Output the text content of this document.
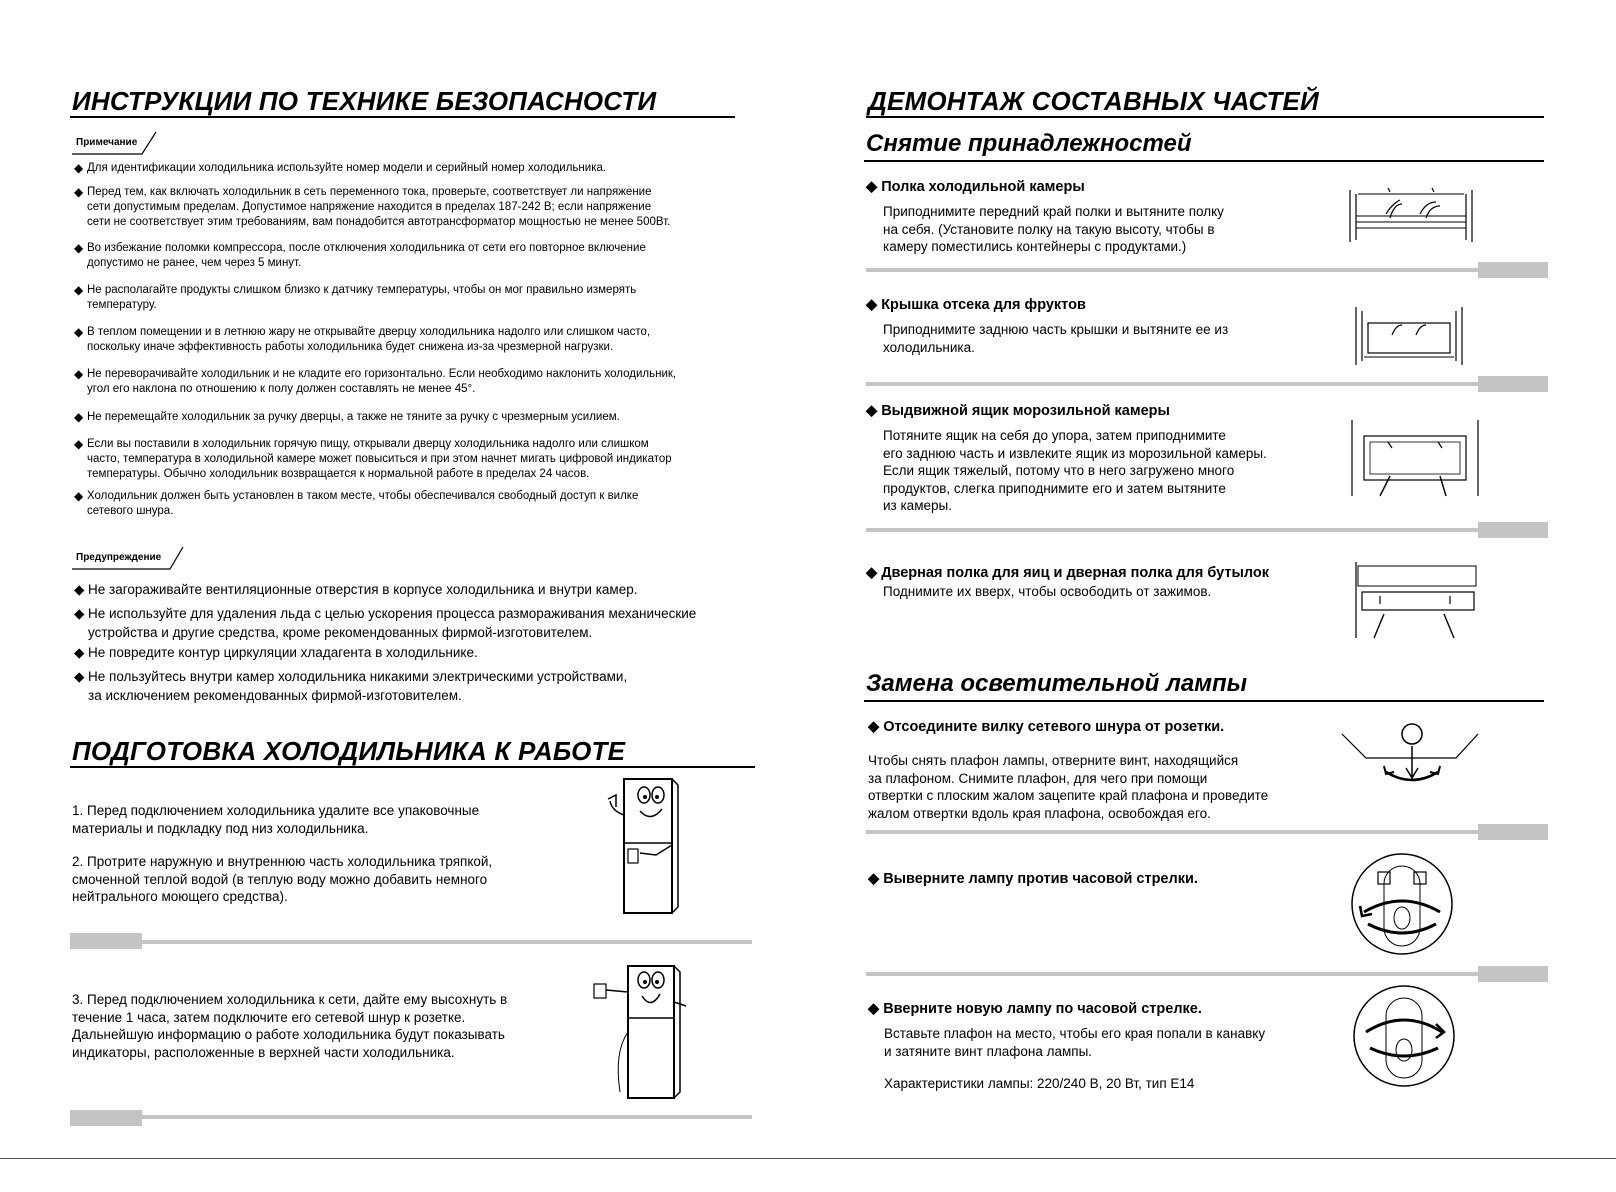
ИНСТРУКЦИИ ПО ТЕХНИКЕ БЕЗОПАСНОСТИ
Примечание
◆ Для идентификации холодильника используйте номер модели и серийный номер холодильника.
◆ Перед тем, как включать холодильник в сеть переменного тока, проверьте, соответствует ли напряжение
сети допустимым пределам. Допустимое напряжение находится в пределах 187-242 В; если напряжение
сети не соответствует этим требованиям, вам понадобится автотрансформатор мощностью не менее 500Вт.
◆ Во избежание поломки компрессора, после отключения холодильника от сети его повторное включение
допустимо не ранее, чем через 5 минут.
◆ Не располагайте продукты слишком близко к датчику температуры, чтобы он мог правильно измерять
температуру.
◆ В теплом помещении и в летнюю жару не открывайте дверцу холодильника надолго или слишком часто,
поскольку иначе эффективность работы холодильника будет снижена из-за чрезмерной нагрузки.
◆ Не переворачивайте холодильник и не кладите его горизонтально. Если необходимо наклонить холодильник,
угол его наклона по отношению к полу должен составлять не менее 45°.
◆ Не перемещайте холодильник за ручку дверцы, а также не тяните за ручку с чрезмерным усилием.
◆ Если вы поставили в холодильник горячую пищу, открывали дверцу холодильника надолго или слишком
часто, температура в холодильной камере может повыситься и при этом начнет мигать цифровой индикатор
температуры. Обычно холодильник возвращается к нормальной работе в пределах 24 часов.
◆ Холодильник должен быть установлен в таком месте, чтобы обеспечивался свободный доступ к вилке
сетевого шнура.
Предупреждение
◆ Не загораживайте вентиляционные отверстия в корпусе холодильника и внутри камер.
◆ Не используйте для удаления льда с целью ускорения процесса размораживания механические
устройства и другие средства, кроме рекомендованных фирмой-изготовителем.
◆ Не повредите контур циркуляции хладагента в холодильнике.
◆ Не пользуйтесь внутри камер холодильника никакими электрическими устройствами,
за исключением рекомендованных фирмой-изготовителем.
ПОДГОТОВКА ХОЛОДИЛЬНИКА К РАБОТЕ
1. Перед подключением холодильника удалите все упаковочные
материалы и подкладку под низ холодильника.
2. Протрите наружную и внутреннюю часть холодильника тряпкой,
смоченной теплой водой (в теплую воду можно добавить немного
нейтрального моющего средства).
3. Перед подключением холодильника к сети, дайте ему высохнуть в
течение 1 часа, затем подключите его сетевой шнур к розетке.
Дальнейшую информацию о работе холодильника будут показывать
индикаторы, расположенные в верхней части холодильника.
ДЕМОНТАЖ СОСТАВНЫХ ЧАСТЕЙ
Снятие принадлежностей
◆ Полка холодильной камеры
Приподнимите передний край полки и вытяните полку
на себя. (Установите полку на такую высоту, чтобы в
камеру поместились контейнеры с продуктами.)
◆ Крышка отсека для фруктов
Приподнимите заднюю часть крышки и вытяните ее из
холодильника.
◆ Выдвижной ящик морозильной камеры
Потяните ящик на себя до упора, затем приподнимите
его заднюю часть и извлеките ящик из морозильной камеры.
Если ящик тяжелый, потому что в него загружено много
продуктов, слегка приподнимите его и затем вытяните
из камеры.
◆ Дверная полка для яиц и дверная полка для бутылок
Поднимите их вверх, чтобы освободить от зажимов.
Замена осветительной лампы
◆ Отсоедините вилку сетевого шнура от розетки.
Чтобы снять плафон лампы, отверните винт, находящийся
за плафоном. Снимите плафон, для чего при помощи
отвертки с плоским жалом зацепите край плафона и проведите
жалом отвертки вдоль края плафона, освобождая его.
◆ Выверните лампу против часовой стрелки.
◆ Вверните новую лампу по часовой стрелке.
Вставьте плафон на место, чтобы его края попали в канавку
и затяните винт плафона лампы.
Характеристики лампы: 220/240 В, 20 Вт, тип Е14
